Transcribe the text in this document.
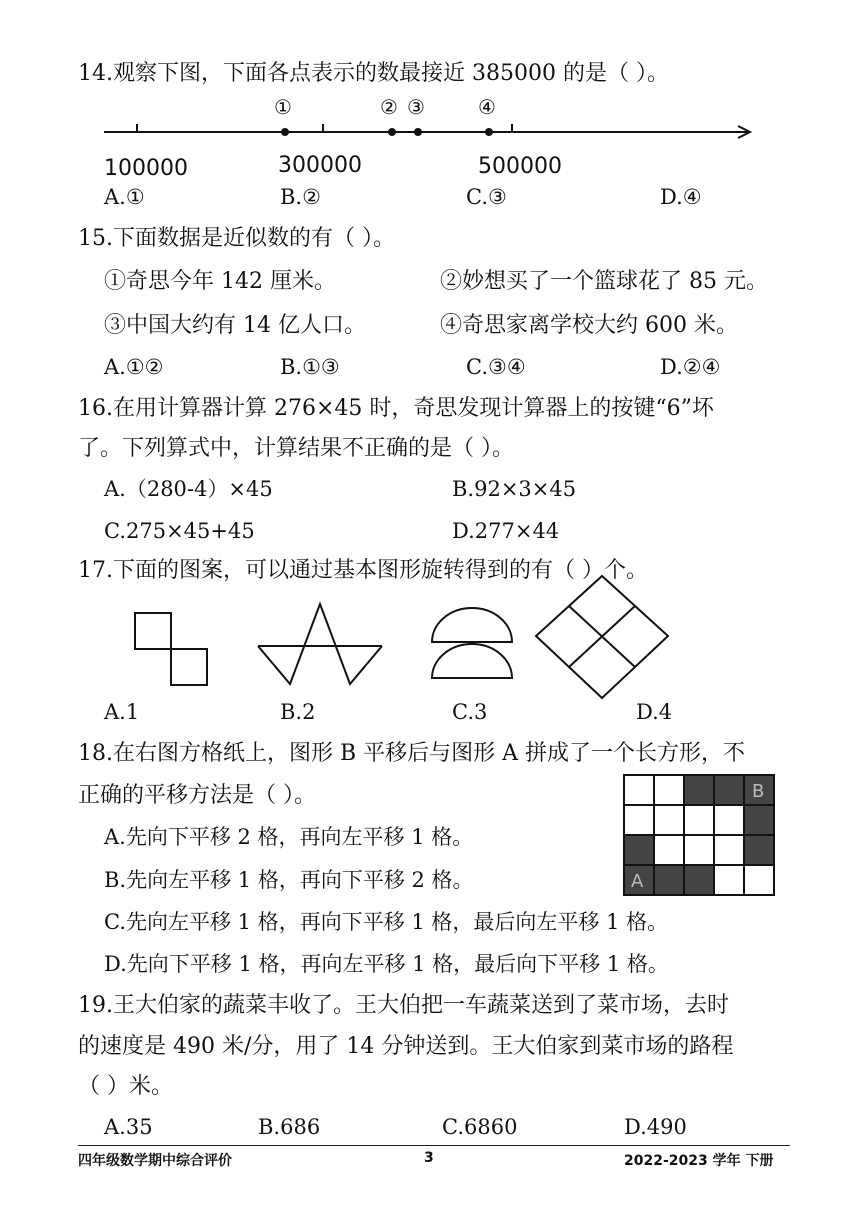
14.观察下图，下面各点表示的数最接近 385000 的是（ ）。
①	② ③	④
100000	300000	500000
A.①	B.②	C.③	D.④
15.下面数据是近似数的有（ ）。
①奇思今年 142 厘米。	②妙想买了一个篮球花了 85 元。
③中国大约有 14 亿人口。	④奇思家离学校大约 600 米。
A.①②	B.①③	C.③④	D.②④
16.在用计算器计算 276×45 时，奇思发现计算器上的按键“6”坏
了。下列算式中，计算结果不正确的是（ ）。
A.（280-4）×45	B.92×3×45
C.275×45+45	D.277×44
17.下面的图案，可以通过基本图形旋转得到的有（ ）个。
A.1	B.2	C.3	D.4
18.在右图方格纸上，图形 B 平移后与图形 A 拼成了一个长方形，不
正确的平移方法是（ ）。
A
B
A.先向下平移 2 格，再向左平移 1 格。
B.先向左平移 1 格，再向下平移 2 格。
C.先向左平移 1 格，再向下平移 1 格，最后向左平移 1 格。
D.先向下平移 1 格，再向左平移 1 格，最后向下平移 1 格。
19.王大伯家的蔬菜丰收了。王大伯把一车蔬菜送到了菜市场，去时
的速度是 490 米/分，用了 14 分钟送到。王大伯家到菜市场的路程
（ ）米。
A.35	B.686	C.6860	D.490
四年级数学期中综合评价	3	2022-2023 学年 下册
